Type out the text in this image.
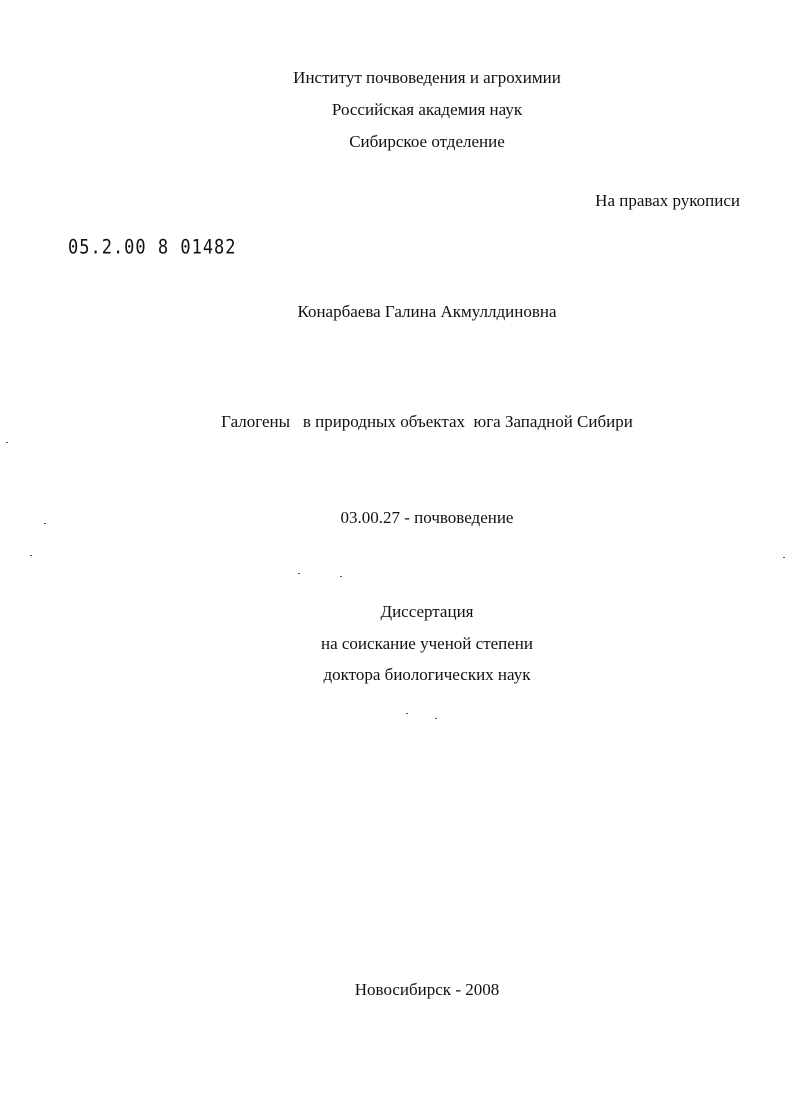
Институт почвоведения и агрохимии
Российская академия наук
Сибирское отделение
На правах рукописи
05.2.00 8 01482
Конарбаева Галина Акмуллдиновна
Галогены   в природных объектах  юга Западной Сибири
03.00.27 - почвоведение
Диссертация
на соискание ученой степени
доктора биологических наук
Новосибирск - 2008
